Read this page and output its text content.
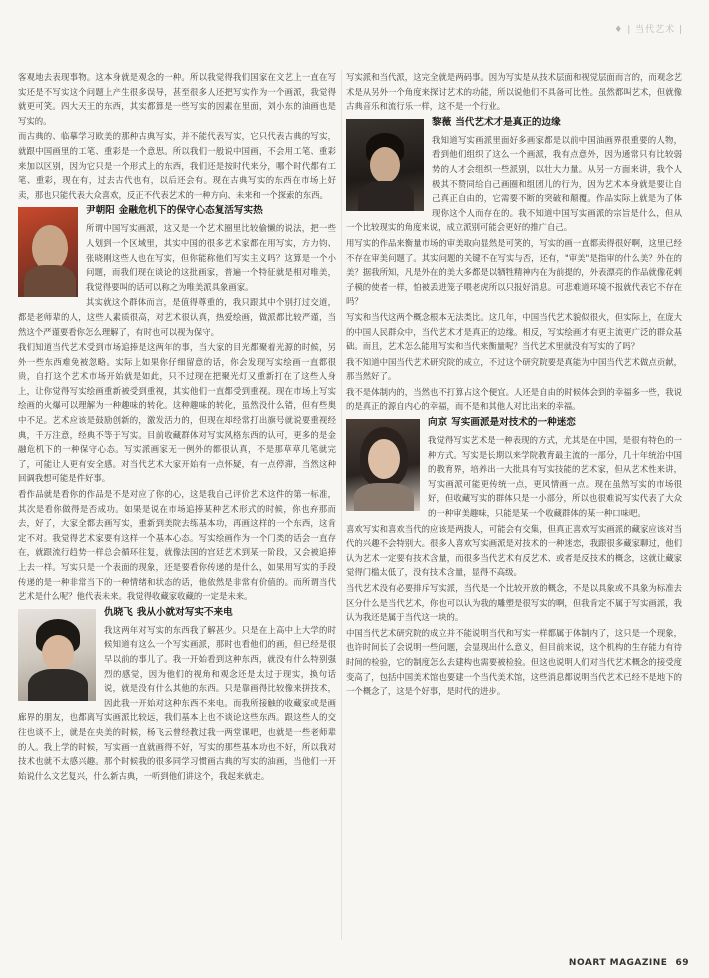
♦ | 当代艺术 |

客观地去表现事物。这本身就是观念的一种。所以我觉得我们国家在文艺上一直在写实还是不写实这个问题上产生很多误导，甚至很多人还把写实作为一个画派，我觉得就更可笑。四大天王的东西，其实都算是一些写实的因素在里面，刘小东的油画也是写实的。

而古典的、临摹学习欧美的那种古典写实，并不能代表写实，它只代表古典的写实，就跟中国画里的工笔、重彩是一个意思。所以我们一般说中国画，不会用工笔、重彩来加以区别，因为它只是一个形式上的东西，我们还是按时代来分，哪个时代都有工笔、重彩，现在有，过去古代也有，以后还会有。现在古典写实的东西在市场上好卖，那也只能代表大众喜欢，反正不代表艺术的一种方向、未来和一个探索的东西。

尹朝阳 金融危机下的保守心态复活写实热

所谓中国写实画派，这又是一个艺术圈里比较偷懒的说法，把一些人划到一个区域里，其实中国的很多艺术家都在用写实，方力钧、张晓刚这些人也在写实，但你能称他们写实主义吗？这算是一个小问题，而我们现在谈论的这批画家，普遍一个特征就是相对唯美，我觉得要叫的话可以称之为唯美派具象画家。

其实就这个群体而言，是值得尊重的，我只跟其中个别打过交道，都是老师辈的人，这些人素质很高，对艺术很认真，热爱绘画，做派都比较严谨，当然这个严谨要看你怎么理解了，有时也可以视为保守。

我们知道当代艺术受到市场追捧是这两年的事，当大家的目光都聚着光源的时候，另外一些东西难免被忽略。实际上如果你仔细留意的话，你会发现写实绘画一直都很贵，自打这个艺术市场开始就是如此，只不过现在把聚光灯又重新打在了这些人身上，让你觉得写实绘画重新被受到重视，其实他们一直都受到重视。现在市场上写实绘画的火爆可以理解为一种趣味的转化。这种趣味的转化，虽然没什么错，但有些奥中不足。艺术应该是鼓励创新的，激发活力的，但现在却经常打出旗号就说要重视经典，千万注意，经典不等于写实。目前收藏群体对写实风格东西的认可，更多的是金融危机下的一种保守心态。写实派画家无一例外的都很认真，不是那草草几笔就完了，可能让人更有安全感。对当代艺术大家开始有一点怀疑，有一点停滞，当然这种回调我想可能是件好事。

看作品就是看你的作品是不是对应了你的心，这是我自己评价艺术这件的第一标准，其次是看你做得是否成功。如果是说在市场追捧某种艺术形式的时候，你也弃那而去，好了，大家全都去画写实，重新到美院去练基本功，再画这样的一个东西，这肯定不对。我觉得艺术家要有这样一个基本心态。写实绘画作为一个门类的话会一直存在，就跟流行趋势一样总会循环往复，就像法国的宫廷艺术到某一阶段，又会被追捧上去一样。写实只是一个表面的现象，还是要看你传递的是什么，如果用写实的手段传递的是一种非常当下的一种情绪和状态的话，他依然是非常有价值的。而所谓当代艺术是什么呢？他代表未来。我觉得收藏家收藏的一定是未来。

仇晓飞 我从小就对写实不来电

我这两年对写实的东西我了解甚少。只是在上高中上大学的时候知道有这么一个写实画派，那时也看他们的画，但已经是很早以前的事儿了。我一开始看到这种东西，就没有什么特别强烈的感觉，因为他们的视角和观念还是太过于现实，换句话说，就是没有什么其他的东西。只是靠画得比较像来拼技术，因此我一开始对这种东西不来电。而我所接触的收藏家或是画廊界的朋友，也都离写实画派比较远，我们基本上也不谈论这些东西。跟这些人的交往也谈不上，就是在央美的时候，杨飞云曾经教过我一两堂课吧，也就是一些老师辈的人。我上学的时候，写实画一直就画得不好，写实的那些基本功也不好，所以我对技术也就不太感兴趣。那个时候我的很多同学习惯画古典的写实的油画，当他们一开始说什么文艺复兴，什么新古典，一听到他们讲这个，我起来就走。

写实派和当代派，这完全就是两码事。因为写实是从技术层面和视觉层面而言的，而观念艺术是从另外一个角度来探讨艺术的功能，所以说他们不具备可比性。虽然都叫艺术，但就像古典音乐和流行乐一样，这不是一个行业。

黎薇 当代艺术才是真正的边缘

我知道写实画派里面好多画家都是以前中国油画界很重要的人物，看到他们组织了这么一个画派，我有点意外，因为通常只有比较弱势的人才会组织一些派别，以壮大力量。从另一方面来讲，我个人极其不赞同给自己画圈和组团儿的行为，因为艺术本身就是要让自己真正自由的，它需要不断的突破和颠覆。作品实际上就是为了体现你这个人而存在的。我不知道中国写实画派的宗旨是什么，但从一个比较现实的角度来说，成立派别可能会更好的推广自己。

用写实的作品来衡量市场的审美取向显然是可笑的，写实的画一直都卖得很好啊，这里已经不存在审美问题了。其实问题的关键不在写实与否，还有，"审美"是指审的什么美？外在的美？据我所知，凡是外在的美大多都是以牺牲精神内在为前提的，外表漂亮的作品就像花剌子模的使者一样，怕被丢进笼子喂老虎所以只报好消息。可悲难道环境不报就代表它不存在吗？

写实和当代这两个概念根本无法类比。这几年，中国当代艺术貌似很火，但实际上，在庞大的中国人民群众中，当代艺术才是真正的边缘。相反，写实绘画才有更主流更广泛的群众基础。而且，艺术怎么能用写实和当代来衡量呢？当代艺术里就没有写实的了吗？

我不知道中国当代艺术研究院的成立，不过这个研究院要是真能为中国当代艺术做点贡献，那当然好了。

我不是体制内的，当然也不打算占这个便宜。人还是自由的时候体会到的幸福多一些，我说的是真正的源自内心的幸福，而不是和其他人对比出来的幸福。

向京 写实画派是对技术的一种迷恋

我觉得写实艺术是一种表现的方式，尤其是在中国，是很有特色的一种方式。写实是长期以来学院教育最主流的一部分，几十年统治中国的教育界，培养出一大批具有写实技能的艺术家，但从艺术性来讲，写实画派可能更传统一点，更风情画一点。现在虽然写实的市场很好，但收藏写实的群体只是一小部分，所以也很难说写实代表了大众的一种审美趣味，只能是某一个收藏群体的某一种口味吧。

喜欢写实和喜欢当代的应该是两拨人，可能会有交集，但真正喜欢写实画派的藏家应该对当代的兴趣不会特别大。很多人喜欢写实画派是对技术的一种迷恋，我跟很多藏家聊过，他们认为艺术一定要有技术含量，而很多当代艺术有反艺术、或者是反技术的概念，这就让藏家觉得门槛太低了，没有技术含量，显得不高级。

当代艺术没有必要排斥写实派，当代是一个比较开放的概念，不是以具象或不具象为标准去区分什么是当代艺术，你也可以认为我的雕塑是很写实的啊，但我肯定不属于写实画派，我认为我还是属于当代这一块的。

中国当代艺术研究院的成立并不能说明当代和写实一样都属于体制内了，这只是一个现象，也许时间长了会说明一些问题，会显现出什么意义，但目前来说，这个机构的生存能力有待时间的检验，它的制度怎么去建构也需要被检验。但这也说明人们对当代艺术概念的接受度变高了，包括中国美术馆也要建一个当代美术馆，这些消息都说明当代艺术已经不是地下的一个概念了，这是个好事，是时代的进步。

NOART MAGAZINE 69
